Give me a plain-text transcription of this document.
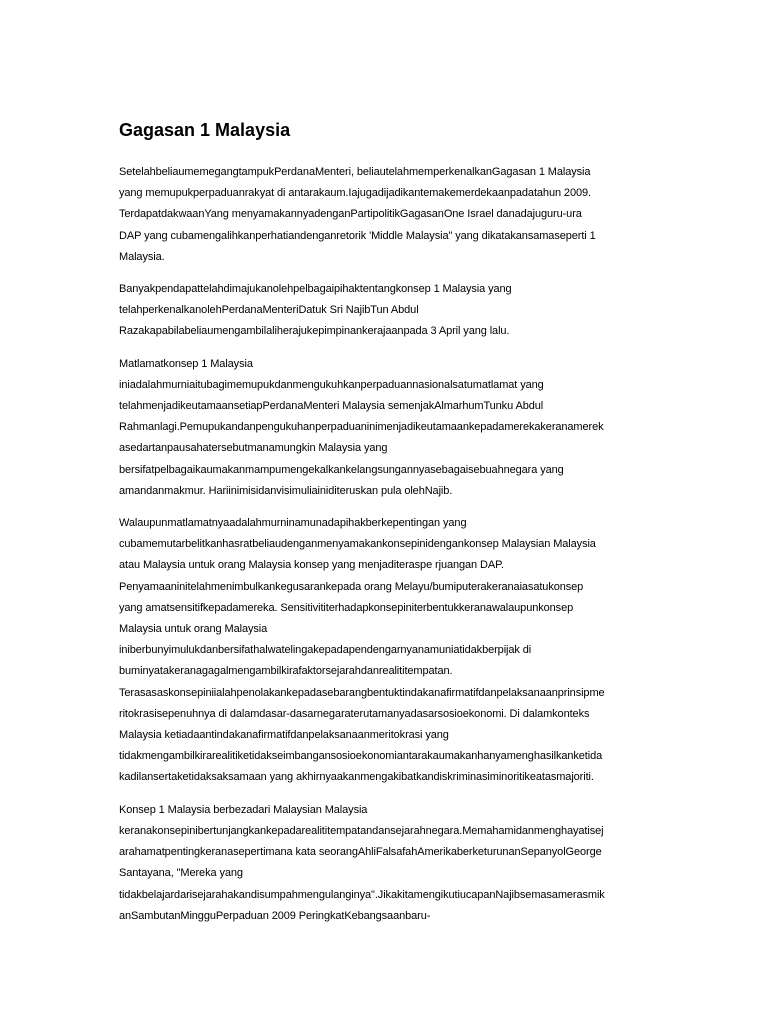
Gagasan 1 Malaysia
SetelahbeliaumemegangtampukPerdanaMenteri, beliautelahmemperkenalkanGagasan 1 Malaysia
yang memupukperpaduanrakyat di antarakaum.Iajugadijadikantemakemerdekaanpadatahun 2009.
TerdapatdakwaanYang menyamakannyadenganPartipolitikGagasanOne Israel danadajuguru-ura
DAP yang cubamengalihkanperhatiandenganretorik 'Middle Malaysia" yang dikatakansamaseperti 1
Malaysia.
Banyakpendapattelahdimajukanolehpelbagaipihaktentangkonsep 1 Malaysia yang
telahperkenalkanolehPerdanaMenteriDatuk Sri NajibTun Abdul
Razakapabilabeliaumengambilaliherajukepimpinankerajaanpada 3 April yang lalu.
Matlamatkonsep 1 Malaysia
iniadalahmurniaitubagimemupukdanmengukuhkanperpaduannasionalsatumatlamat yang
telahmenjadikeutamaansetiapPerdanaMenteri Malaysia semenjakAlmarhumTunku Abdul
Rahmanlagi.Pemupukandanpengukuhanperpaduaninimenjadikeutamaankepadamerekakeranamerek
asedartanpausahatersebutmanamungkin Malaysia yang
bersifatpelbagaikaumakanmampumengekalkankelangsungannyasebagaisebuahnegara yang
amandanmakmur. Hariinimisidanvisimuliainiditeruskan pula olehNajib.
Walaupunmatlamatnyaadalahmurninamunadapihakberkepentingan yang
cubamemutarbelitkanhasratbeliaudenganmenyamakankonsepinidengankonsep Malaysian Malaysia
atau Malaysia untuk orang Malaysia konsep yang menjaditeraspe rjuangan DAP.
Penyamaaninitelahmenimbulkankegusarankepada orang Melayu/bumiputerakeranaiasatukonsep
yang amatsensitifkepadamereka. Sensitivititerhadapkonsepiniterbentukkeranawalaupunkonsep
Malaysia untuk orang Malaysia
iniberbunyimulukdanbersifathalwatelingakepadapendengarnyanamuniatidakberpijak di
buminyatakeranagagalmengambilkirafaktorsejarahdanrealititempatan.
Terasasaskonsepiniialahpenolakankepadasebarangbentuktindakanafirmatifdanpelaksanaanprinsipme
ritokrasisepenuhnya di dalamdasar-dasarnegaraterutamanyadasarsosioekonomi. Di dalamkonteks
Malaysia ketiadaantindakanafirmatifdanpelaksanaanmeritokrasi yang
tidakmengambilkirarealitiketidakseimbangansosioekonomiantarakaumakanhanyamenghasilkanketida
kadilansertaketidaksaksamaan yang akhirnyaakanmengakibatkandiskriminasiminoritikeatasmajoriti.
Konsep 1 Malaysia berbezadari Malaysian Malaysia
keranakonsepinibertunjangkankepadarealititempatandansejarahnegara.Memahamidanmenghayatisej
arahamatpentingkeranasepertimana kata seorangAhliFalsafahAmerikaberketurunanSepanyolGeorge
Santayana, "Mereka yang
tidakbelajardarisejarahakandisumpahmengulanginya".JikakitamengikutiucapanNajibsemasamerasmik
anSambutanMingguPerpaduan 2009 PeringkatKebangsaanbaru-
